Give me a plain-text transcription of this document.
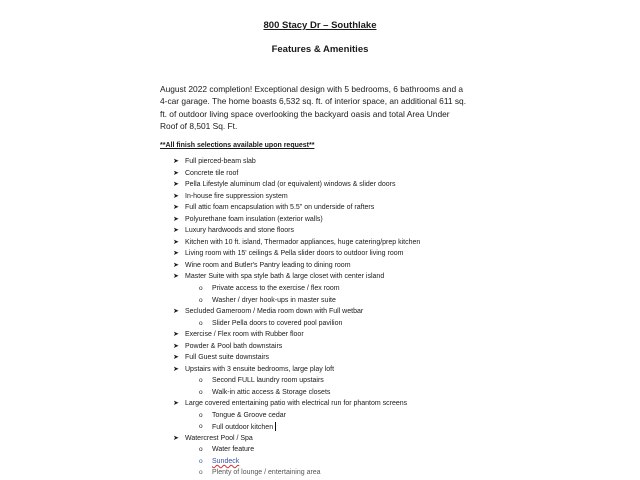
800 Stacy Dr – Southlake
Features & Amenities
August 2022 completion! Exceptional design with 5 bedrooms, 6 bathrooms and a
4-car garage. The home boasts 6,532 sq. ft. of interior space, an additional 611 sq.
ft. of outdoor living space overlooking the backyard oasis and total Area Under
Roof of 8,501 Sq. Ft.
**All finish selections available upon request**
➤ Full pierced-beam slab
➤ Concrete tile roof
➤ Pella Lifestyle aluminum clad (or equivalent) windows & slider doors
➤ In-house fire suppression system
➤ Full attic foam encapsulation with 5.5" on underside of rafters
➤ Polyurethane foam insulation (exterior walls)
➤ Luxury hardwoods and stone floors
➤ Kitchen with 10 ft. island, Thermador appliances, huge catering/prep kitchen
➤ Living room with 15' ceilings & Pella slider doors to outdoor living room
➤ Wine room and Butler's Pantry leading to dining room
➤ Master Suite with spa style bath & large closet with center island
o Private access to the exercise / flex room
o Washer / dryer hook-ups in master suite
➤ Secluded Gameroom / Media room down with Full wetbar
o Slider Pella doors to covered pool pavilion
➤ Exercise / Flex room with Rubber floor
➤ Powder & Pool bath downstairs
➤ Full Guest suite downstairs
➤ Upstairs with 3 ensuite bedrooms, large play loft
o Second FULL laundry room upstairs
o Walk-in attic access & Storage closets
➤ Large covered entertaining patio with electrical run for phantom screens
o Tongue & Groove cedar
o Full outdoor kitchen
➤ Watercrest Pool / Spa
o Water feature
o Sundeck
o Plenty of lounge / entertaining area
